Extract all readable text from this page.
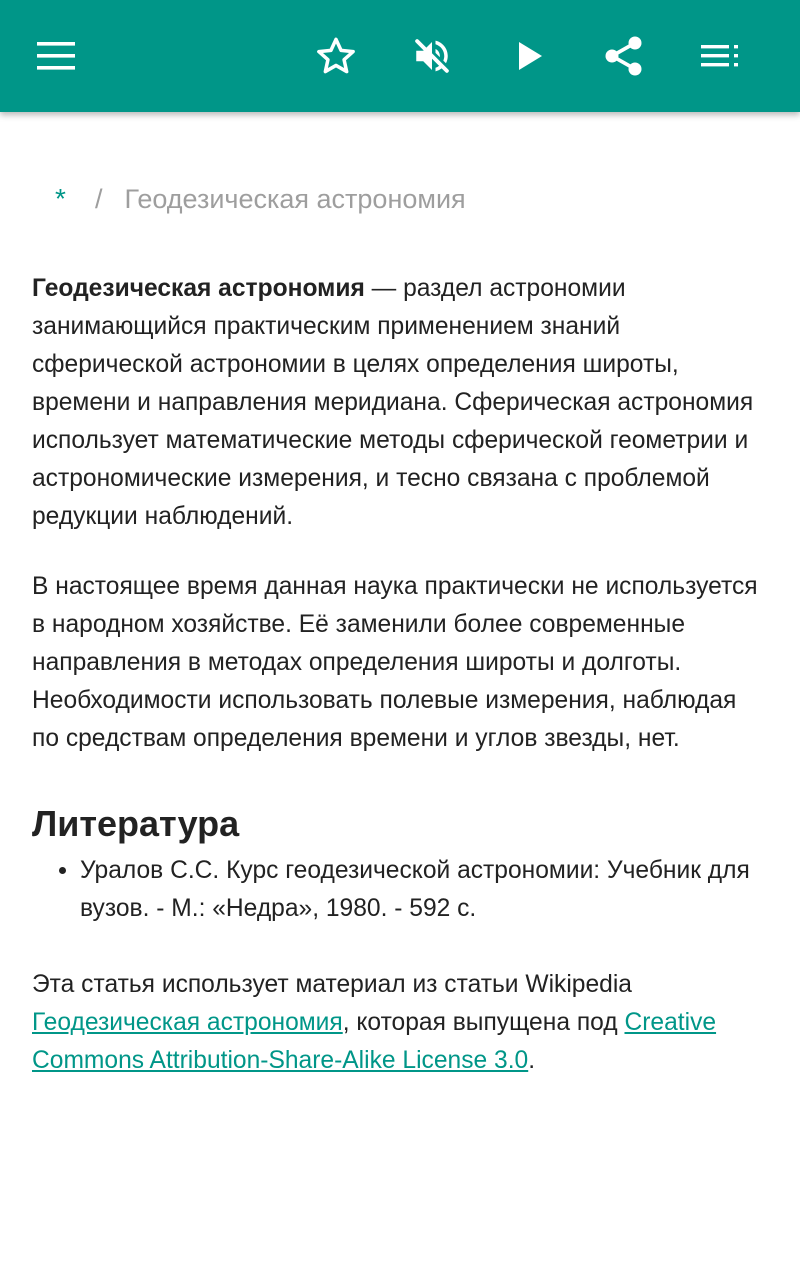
*	/ Геодезическая астрономия

Геодезическая астрономия — раздел астрономии занимающийся практическим применением знаний сферической астрономии в целях определения широты, времени и направления меридиана. Сферическая астрономия использует математические методы сферической геометрии и астрономические измерения, и тесно связана с проблемой редукции наблюдений.

В настоящее время данная наука практически не используется в народном хозяйстве. Её заменили более современные направления в методах определения широты и долготы. Необходимости использовать полевые измерения, наблюдая по средствам определения времени и углов звезды, нет.

Литература
• Уралов С.С. Курс геодезической астрономии: Учебник для вузов. - М.: «Недра», 1980. - 592 с.

Эта статья использует материал из статьи Wikipedia Геодезическая астрономия, которая выпущена под Creative Commons Attribution-Share-Alike License 3.0.
